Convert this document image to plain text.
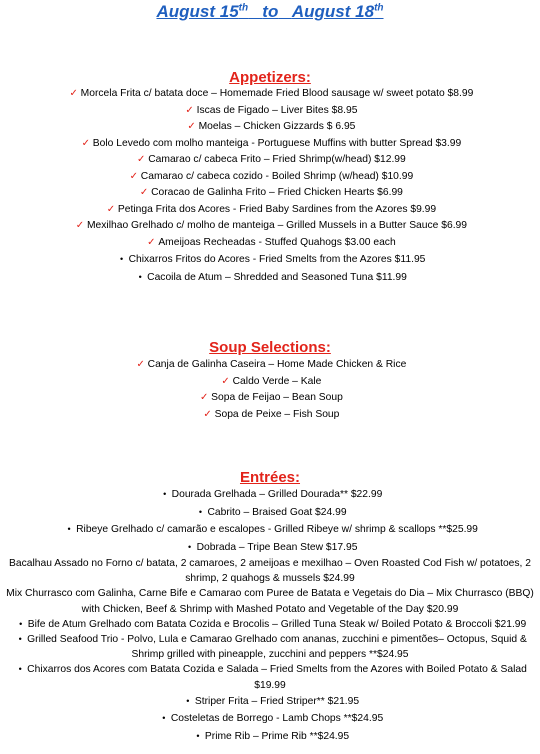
August 15th to August 18th
Appetizers:
✓ Morcela Frita c/ batata doce – Homemade Fried Blood sausage w/ sweet potato $8.99
✓ Iscas de Figado – Liver Bites $8.95
✓ Moelas – Chicken Gizzards $ 6.95
✓ Bolo Levedo com molho manteiga - Portuguese Muffins with butter Spread $3.99
✓ Camarao c/ cabeca Frito – Fried Shrimp(w/head) $12.99
✓ Camarao c/ cabeca cozido - Boiled Shrimp (w/head) $10.99
✓ Coracao de Galinha Frito – Fried Chicken Hearts $6.99
✓ Petinga Frita dos Acores - Fried Baby Sardines from the Azores $9.99
✓ Mexilhao Grelhado c/ molho de manteiga – Grilled Mussels in a Butter Sauce $6.99
✓ Ameijoas Recheadas - Stuffed Quahogs $3.00 each
• Chixarros Fritos do Acores - Fried Smelts from the Azores $11.95
• Cacoila de Atum – Shredded and Seasoned Tuna $11.99
Soup Selections:
✓ Canja de Galinha Caseira – Home Made Chicken & Rice
✓ Caldo Verde – Kale
✓ Sopa de Feijao – Bean Soup
✓ Sopa de Peixe – Fish Soup
Entrées:
• Dourada Grelhada – Grilled Dourada** $22.99
• Cabrito – Braised Goat $24.99
• Ribeye Grelhado c/ camarão e escalopes - Grilled Ribeye w/ shrimp & scallops **$25.99
• Dobrada – Tripe Bean Stew $17.95
Bacalhau Assado no Forno c/ batata, 2 camaroes, 2 ameijoas e mexilhao – Oven Roasted Cod Fish w/ potatoes, 2 shrimp, 2 quahogs & mussels $24.99
Mix Churrasco com Galinha, Carne Bife e Camarao com Puree de Batata e Vegetais do Dia – Mix Churrasco (BBQ) with Chicken, Beef & Shrimp with Mashed Potato and Vegetable of the Day $20.99
• Bife de Atum Grelhado com Batata Cozida e Brocolis – Grilled Tuna Steak w/ Boiled Potato & Broccoli $21.99
• Grilled Seafood Trio - Polvo, Lula e Camarao Grelhado com ananas, zucchini e pimentões– Octopus, Squid & Shrimp grilled with pineapple, zucchini and peppers **$24.95
• Chixarros dos Acores com Batata Cozida e Salada – Fried Smelts from the Azores with Boiled Potato & Salad $19.99
• Striper Frita – Fried Striper** $21.95
• Costeletas de Borrego - Lamb Chops **$24.95
• Prime Rib – Prime Rib **$24.95
